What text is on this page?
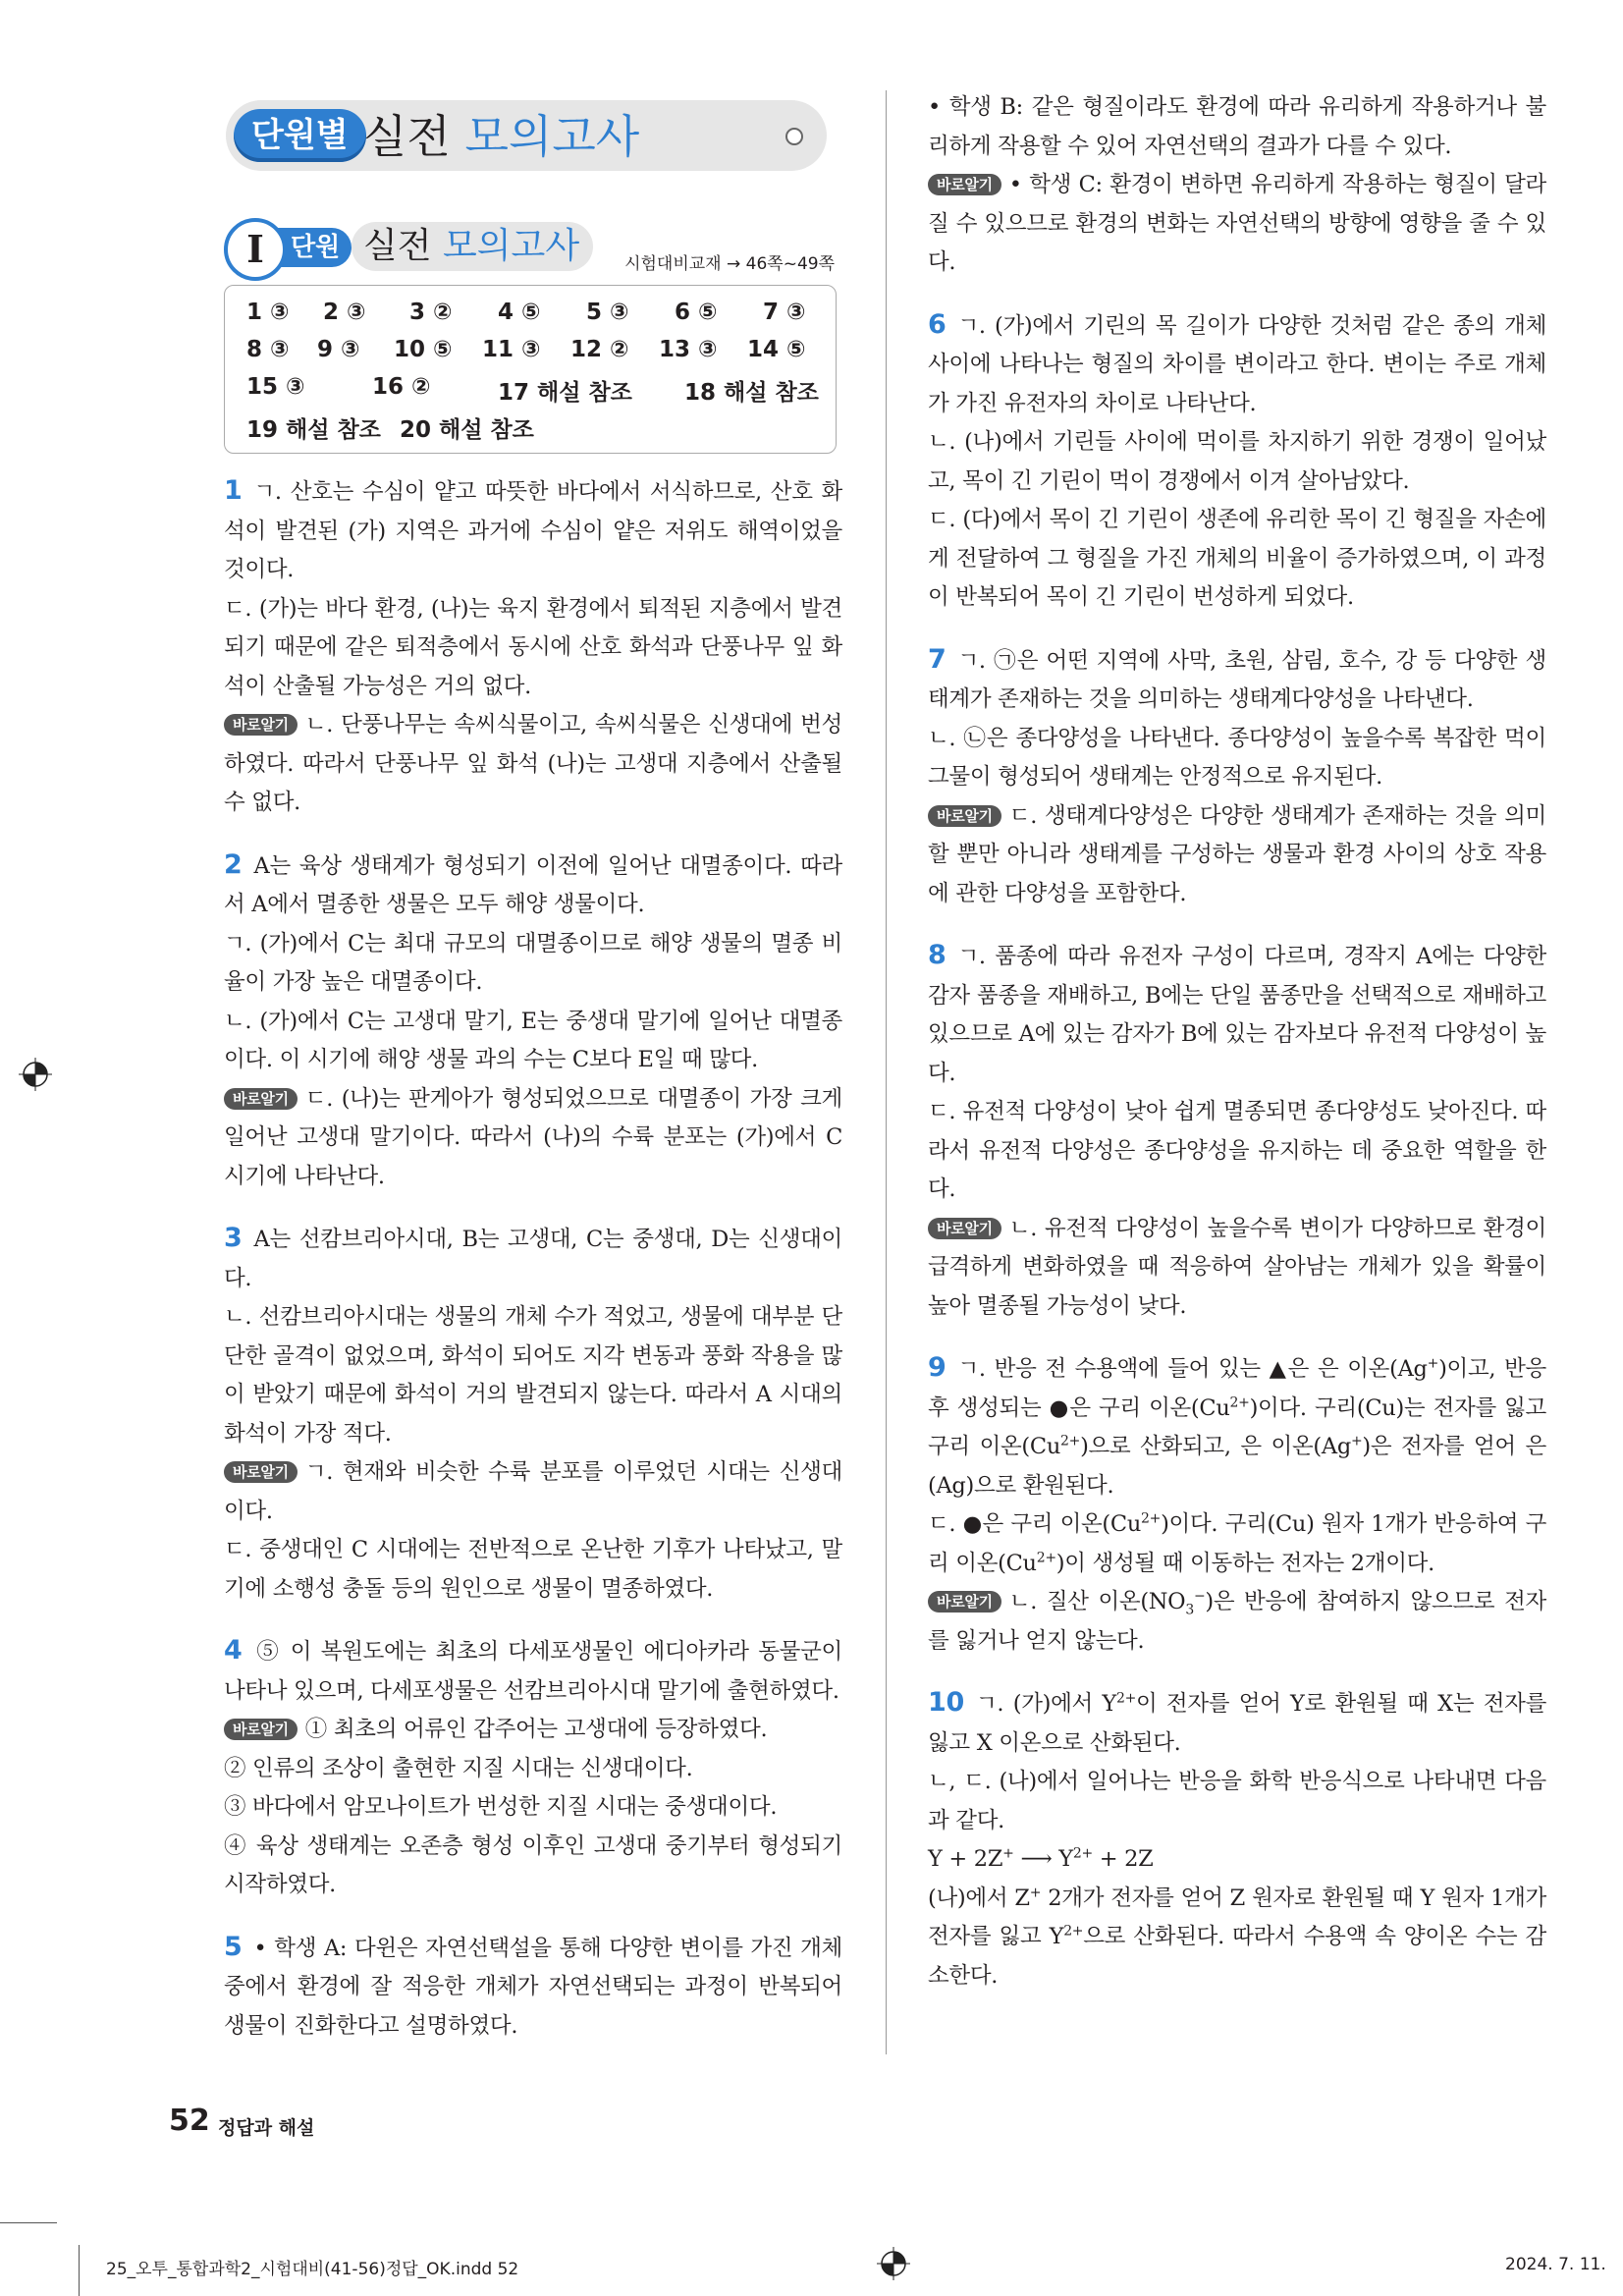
단원별 실전 모의고사
단원
I	실전 모의고사	시험대비교재 → 46쪽~49쪽
1 ③ 2 ③ 3 ② 4 ⑤ 5 ③ 6 ⑤ 7 ③
8 ③ 9 ③ 10 ⑤ 11 ③ 12 ② 13 ③ 14 ⑤
15 ③	16 ②	17 해설 참조 18 해설 참조
19 해설 참조 20 해설 참조

1 ㄱ. 산호는 수심이 얕고 따뜻한 바다에서 서식하므로, 산호 화석이 발견된 (가) 지역은 과거에 수심이 얕은 저위도 해역이었을 것이다.

ㄷ. (가)는 바다 환경, (나)는 육지 환경에서 퇴적된 지층에서 발견되기 때문에 같은 퇴적층에서 동시에 산호 화석과 단풍나무 잎 화석이 산출될 가능성은 거의 없다.

바로알기 ㄴ. 단풍나무는 속씨식물이고, 속씨식물은 신생대에 번성하였다. 따라서 단풍나무 잎 화석 (나)는 고생대 지층에서 산출될 수 없다.

2 A는 육상 생태계가 형성되기 이전에 일어난 대멸종이다. 따라서 A에서 멸종한 생물은 모두 해양 생물이다.

ㄱ. (가)에서 C는 최대 규모의 대멸종이므로 해양 생물의 멸종 비율이 가장 높은 대멸종이다.

ㄴ. (가)에서 C는 고생대 말기, E는 중생대 말기에 일어난 대멸종이다. 이 시기에 해양 생물 과의 수는 C보다 E일 때 많다.

바로알기 ㄷ. (나)는 판게아가 형성되었으므로 대멸종이 가장 크게 일어난 고생대 말기이다. 따라서 (나)의 수륙 분포는 (가)에서 C 시기에 나타난다.

3 A는 선캄브리아시대, B는 고생대, C는 중생대, D는 신생대이다.

ㄴ. 선캄브리아시대는 생물의 개체 수가 적었고, 생물에 대부분 단단한 골격이 없었으며, 화석이 되어도 지각 변동과 풍화 작용을 많이 받았기 때문에 화석이 거의 발견되지 않는다. 따라서 A 시대의 화석이 가장 적다.

바로알기 ㄱ. 현재와 비슷한 수륙 분포를 이루었던 시대는 신생대이다.

ㄷ. 중생대인 C 시대에는 전반적으로 온난한 기후가 나타났고, 말기에 소행성 충돌 등의 원인으로 생물이 멸종하였다.

4 ⑤ 이 복원도에는 최초의 다세포생물인 에디아카라 동물군이 나타나 있으며, 다세포생물은 선캄브리아시대 말기에 출현하였다.

바로알기 ① 최초의 어류인 갑주어는 고생대에 등장하였다.

② 인류의 조상이 출현한 지질 시대는 신생대이다.

③ 바다에서 암모나이트가 번성한 지질 시대는 중생대이다.

④ 육상 생태계는 오존층 형성 이후인 고생대 중기부터 형성되기 시작하였다.

5 • 학생 A: 다윈은 자연선택설을 통해 다양한 변이를 가진 개체 중에서 환경에 잘 적응한 개체가 자연선택되는 과정이 반복되어 생물이 진화한다고 설명하였다.

• 학생 B: 같은 형질이라도 환경에 따라 유리하게 작용하거나 불리하게 작용할 수 있어 자연선택의 결과가 다를 수 있다.

바로알기 • 학생 C: 환경이 변하면 유리하게 작용하는 형질이 달라질 수 있으므로 환경의 변화는 자연선택의 방향에 영향을 줄 수 있다.

6 ㄱ. (가)에서 기린의 목 길이가 다양한 것처럼 같은 종의 개체 사이에 나타나는 형질의 차이를 변이라고 한다. 변이는 주로 개체가 가진 유전자의 차이로 나타난다.

ㄴ. (나)에서 기린들 사이에 먹이를 차지하기 위한 경쟁이 일어났고, 목이 긴 기린이 먹이 경쟁에서 이겨 살아남았다.

ㄷ. (다)에서 목이 긴 기린이 생존에 유리한 목이 긴 형질을 자손에게 전달하여 그 형질을 가진 개체의 비율이 증가하였으며, 이 과정이 반복되어 목이 긴 기린이 번성하게 되었다.

7 ㄱ. ㉠은 어떤 지역에 사막, 초원, 삼림, 호수, 강 등 다양한 생태계가 존재하는 것을 의미하는 생태계다양성을 나타낸다.

ㄴ. ㉡은 종다양성을 나타낸다. 종다양성이 높을수록 복잡한 먹이그물이 형성되어 생태계는 안정적으로 유지된다.

바로알기 ㄷ. 생태계다양성은 다양한 생태계가 존재하는 것을 의미할 뿐만 아니라 생태계를 구성하는 생물과 환경 사이의 상호 작용에 관한 다양성을 포함한다.

8 ㄱ. 품종에 따라 유전자 구성이 다르며, 경작지 A에는 다양한 감자 품종을 재배하고, B에는 단일 품종만을 선택적으로 재배하고 있으므로 A에 있는 감자가 B에 있는 감자보다 유전적 다양성이 높다.

ㄷ. 유전적 다양성이 낮아 쉽게 멸종되면 종다양성도 낮아진다. 따라서 유전적 다양성은 종다양성을 유지하는 데 중요한 역할을 한다.

바로알기 ㄴ. 유전적 다양성이 높을수록 변이가 다양하므로 환경이 급격하게 변화하였을 때 적응하여 살아남는 개체가 있을 확률이 높아 멸종될 가능성이 낮다.

9 ㄱ. 반응 전 수용액에 들어 있는 ▲은 은 이온(Ag+)이고, 반응 후 생성되는 ●은 구리 이온$(Cu^{2+})$이다. 구리(Cu)는 전자를 잃고 구리 이온$(Cu^{2+})$으로 산화되고, 은 이온(Ag+)은 전자를 얻어 은(Ag)으로 환원된다.

ㄷ. ●은 구리 이온$(Cu^{2+})$이다. 구리(Cu) 원자 1개가 반응하여 구리 이온$(Cu^{2+})$이 생성될 때 이동하는 전자는 2개이다.

바로알기 ㄴ. 질산 이온$(NO_3^-)$은 반응에 참여하지 않으므로 전자를 잃거나 얻지 않는다.

10 ㄱ. (가)에서 $Y^{2+}$이 전자를 얻어 Y로 환원될 때 X는 전자를 잃고 X 이온으로 산화된다.

ㄴ, ㄷ. (나)에서 일어나는 반응을 화학 반응식으로 나타내면 다음과 같다.

Y + 2Z+ ⟶ $Y^{2+} + 2Z$

(나)에서 Z+ 2개가 전자를 얻어 Z 원자로 환원될 때 Y 원자 1개가 전자를 잃고 $Y^{2+}$으로 산화된다. 따라서 수용액 속 양이온 수는 감소한다.

52 정답과 해설
25_오투_통합과학2_시험대비(41-56)정답_OK.indd 52	2024. 7. 11.
